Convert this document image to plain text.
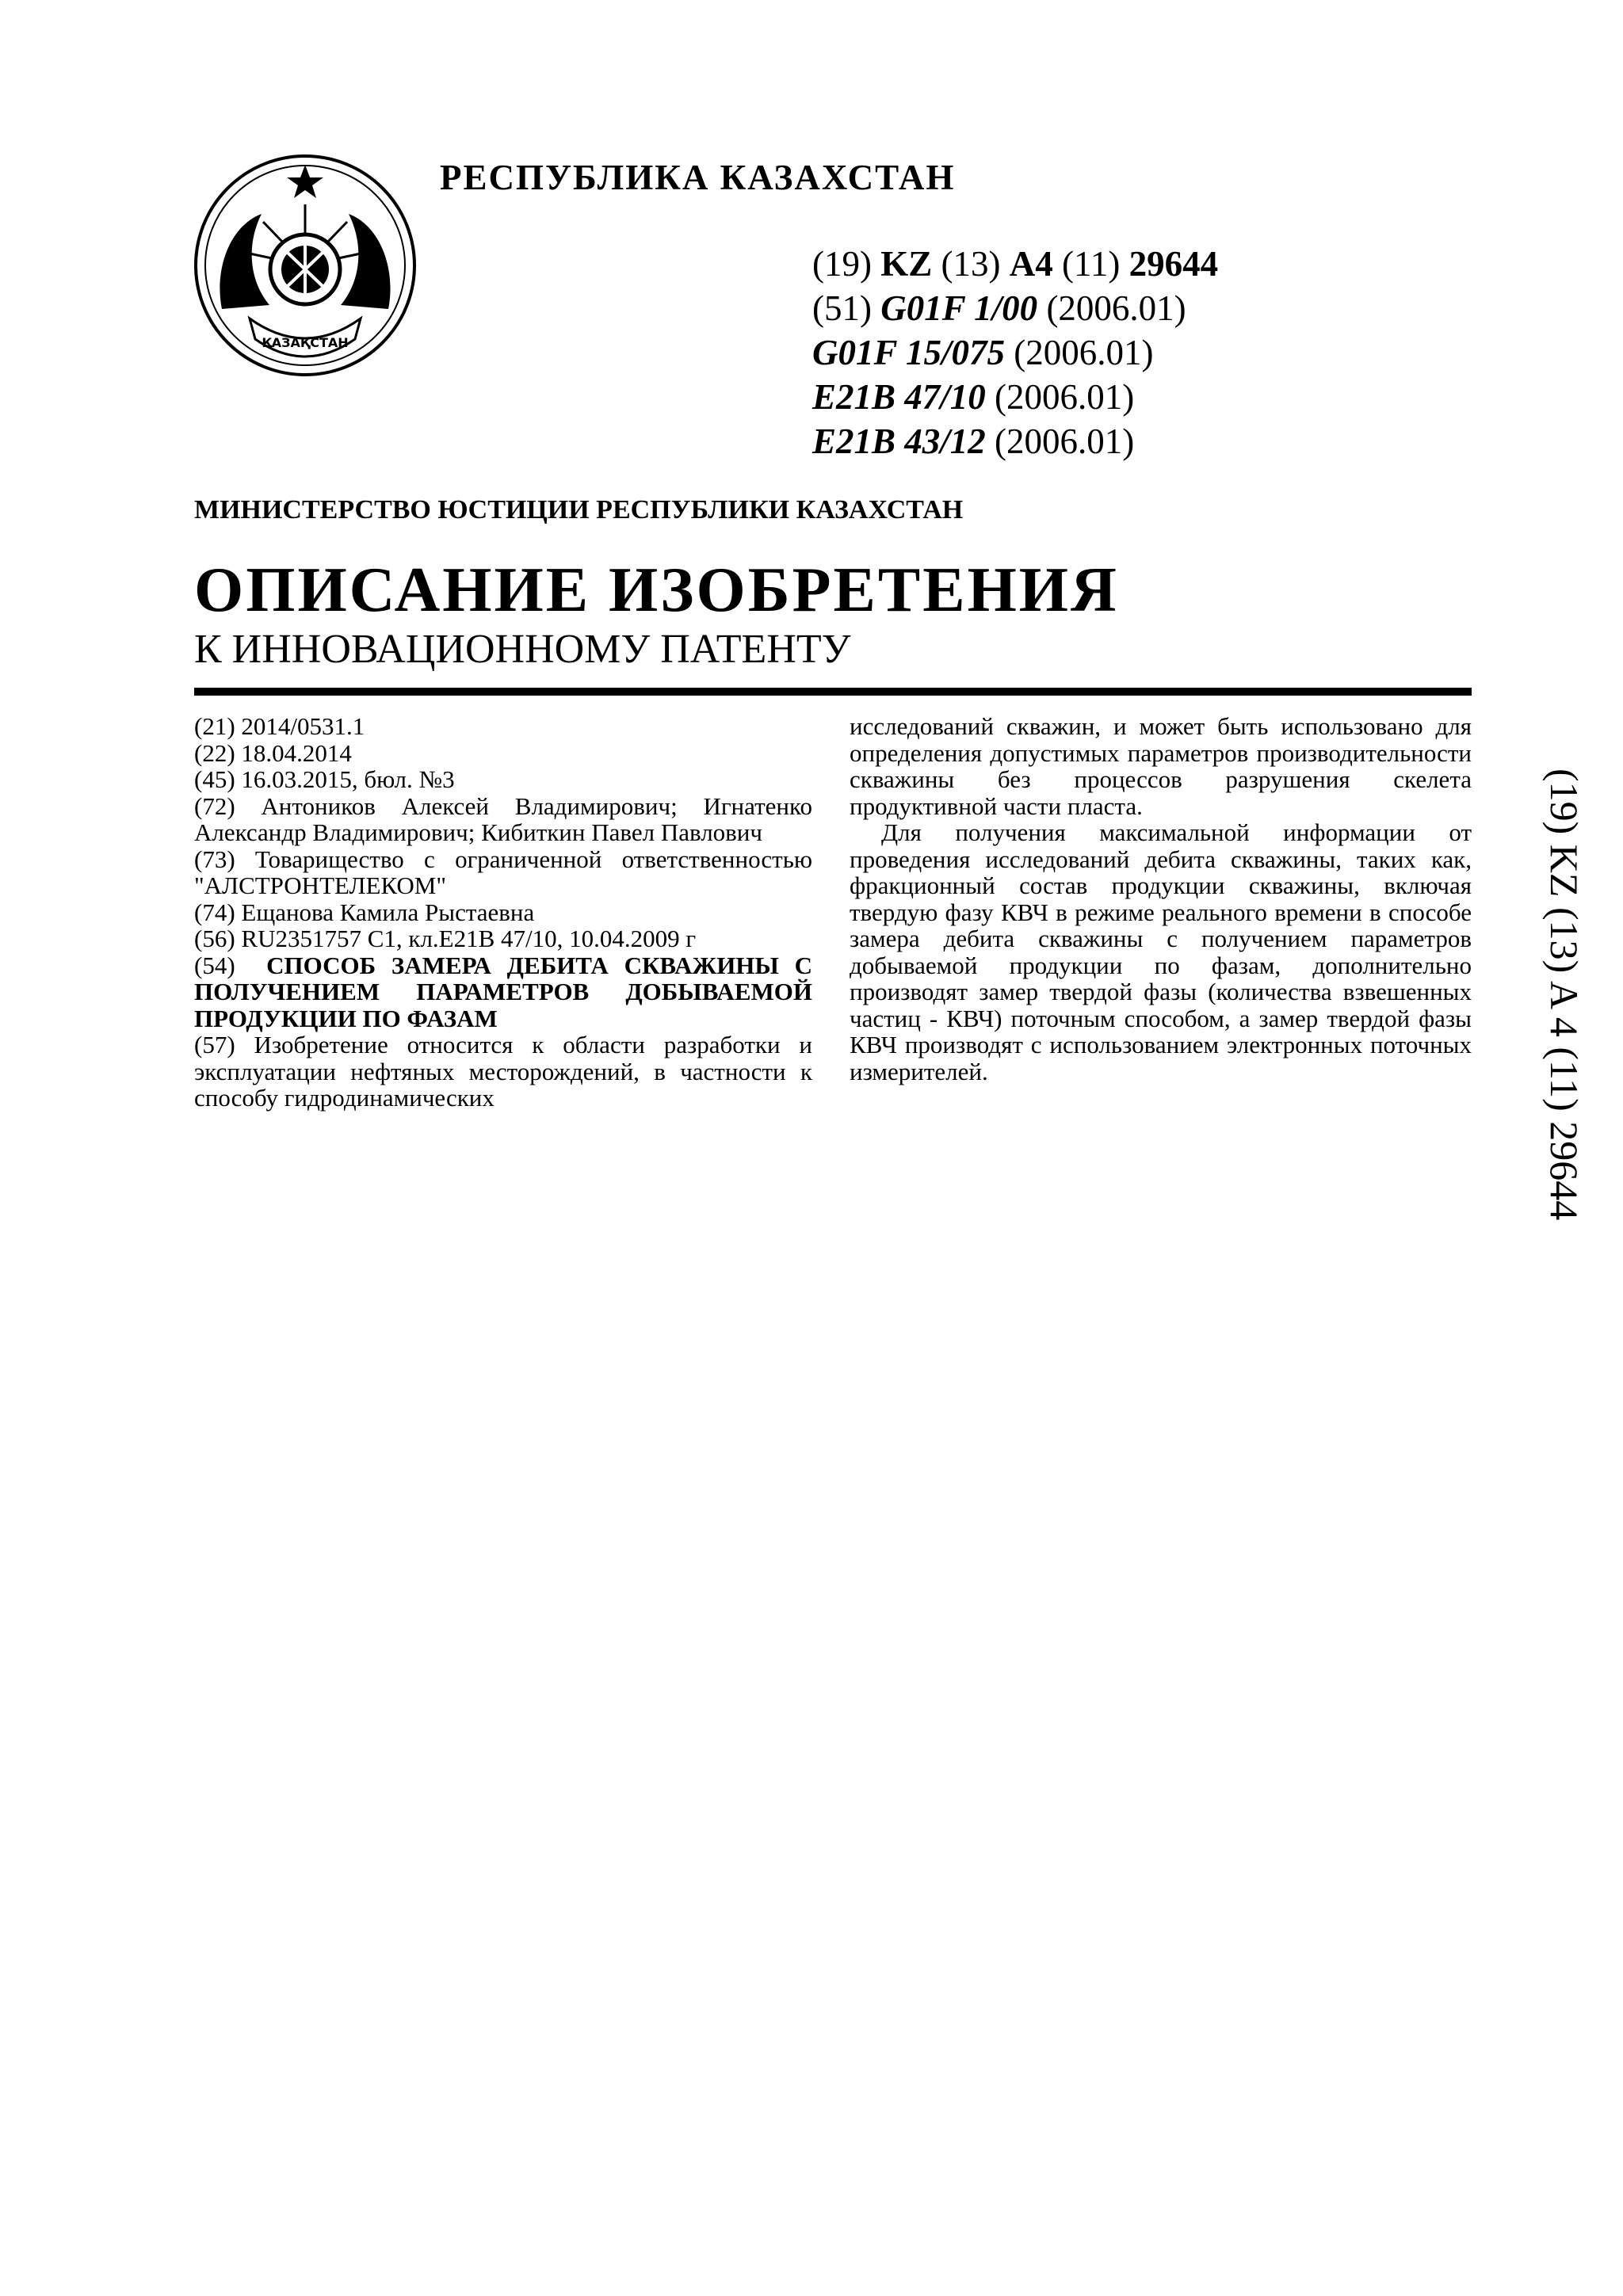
ҚАЗАҚСТАН
РЕСПУБЛИКА КАЗАХСТАН
(19) KZ (13) A4 (11) 29644
(51) G01F 1/00 (2006.01)
G01F 15/075 (2006.01)
E21B 47/10 (2006.01)
E21B 43/12 (2006.01)
МИНИСТЕРСТВО ЮСТИЦИИ РЕСПУБЛИКИ КАЗАХСТАН
ОПИСАНИЕ ИЗОБРЕТЕНИЯ
К ИННОВАЦИОННОМУ ПАТЕНТУ

(21) 2014/0531.1

(22) 18.04.2014

(45) 16.03.2015, бюл. №3

(72) Антоников Алексей Владимирович; Игнатенко Александр Владимирович; Кибиткин Павел Павлович

(73) Товарищество с ограниченной ответственностью "АЛСТРОНТЕЛЕКОМ"

(74) Ещанова Камила Рыстаевна

(56) RU2351757 C1, кл.E21B 47/10, 10.04.2009 г

(54) СПОСОБ ЗАМЕРА ДЕБИТА СКВАЖИНЫ С ПОЛУЧЕНИЕМ ПАРАМЕТРОВ ДОБЫВАЕМОЙ ПРОДУКЦИИ ПО ФАЗАМ

(57) Изобретение относится к области разработки и эксплуатации нефтяных месторождений, в частности к способу гидродинамических

исследований скважин, и может быть использовано для определения допустимых параметров производительности скважины без процессов разрушения скелета продуктивной части пласта.

Для получения максимальной информации от проведения исследований дебита скважины, таких как, фракционный состав продукции скважины, включая твердую фазу КВЧ в режиме реального времени в способе замера дебита скважины с получением параметров добываемой продукции по фазам, дополнительно производят замер твердой фазы (количества взвешенных частиц - КВЧ) поточным способом, а замер твердой фазы КВЧ производят с использованием электронных поточных измерителей.	(19) KZ (13) A 4 (11) 29644
